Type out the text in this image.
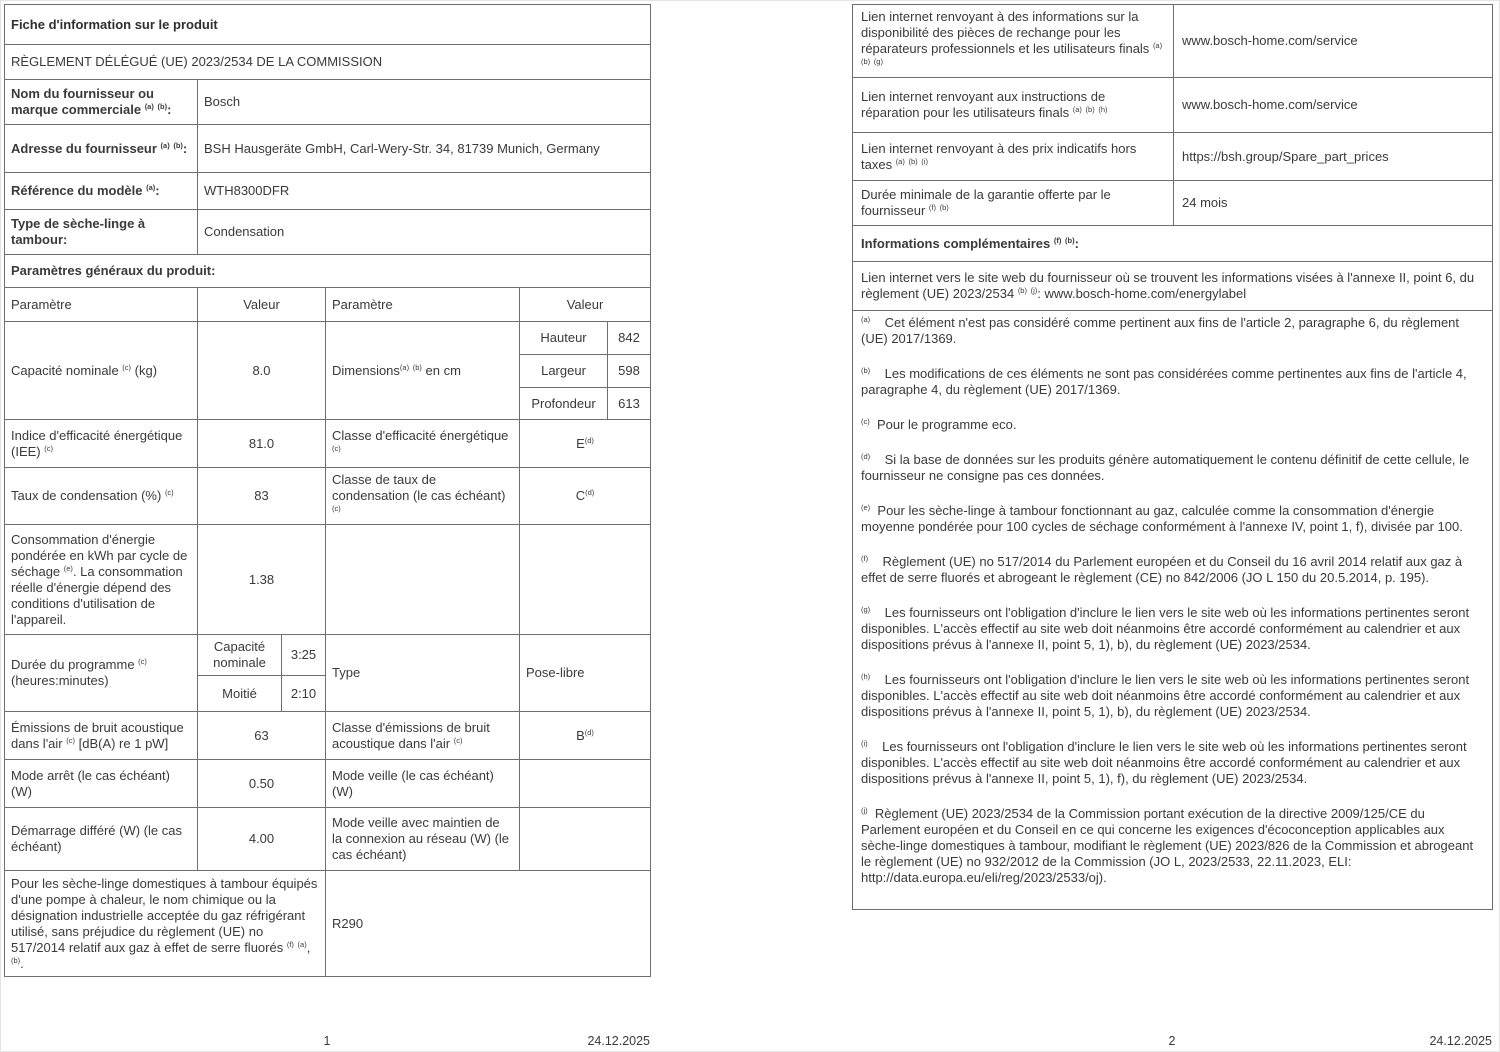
Fiche d'information sur le produit					
RÈGLEMENT DÉLÉGUÉ (UE) 2023/2534 DE LA COMMISSION					
Nom du fournisseur ou marque commerciale $^{(a)}$ $^{(b)}$:	Bosch				
Adresse du fournisseur $^{(a)}$ $^{(b)}$:	BSH Hausgeräte GmbH, Carl-Wery-Str. 34, 81739 Munich, Germany				
Référence du modèle $^{(a)}$:	WTH8300DFR				
Type de sèche-linge à tambour:	Condensation				
Paramètres généraux du produit:					
Paramètre	Valeur		Paramètre	Valeur	
Capacité nominale $^{(c)}$ (kg)	8.0		Dimensions$^{(a)}$ $^{(b)}$ en cm	Hauteur	842
				Largeur	598
				Profondeur	613
Indice d'efficacité énergétique (IEE) $^{(c)}$	81.0		Classe d'efficacité énergétique $^{(c)}$	$E^{(d)}$
Taux de condensation (%) $^{(c)}$	83		Classe de taux de condensation (le cas échéant) $^{(c)}$	$C^{(d)}$
Consommation d'énergie pondérée en kWh par cycle de séchage $^{(e)}$. La consommation réelle d'énergie dépend des conditions d'utilisation de l'appareil.	1.38				
Durée du programme $^{(c)}$ (heures:minutes)	Capacité nominale	3:25	Type	Pose-libre	
	Moitié	2:10			
Émissions de bruit acoustique dans l'air $^{(c)}$ [dB(A) re 1 pW]	63		Classe d'émissions de bruit acoustique dans l'air $^{(c)}$	$B^{(d)}$
Mode arrêt (le cas échéant) (W)	0.50		Mode veille (le cas échéant) (W)		
Démarrage différé (W) (le cas échéant)	4.00		Mode veille avec maintien de la connexion au réseau (W) (le cas échéant)		
Pour les sèche-linge domestiques à tambour équipés d'une pompe à chaleur, le nom chimique ou la désignation industrielle acceptée du gaz réfrigérant utilisé, sans préjudice du règlement (UE) no 517/2014 relatif aux gaz à effet de serre fluorés $^{(f)}$ $^{(a)}$, $^{(b)}$.			R290		
Lien internet renvoyant à des informations sur la disponibilité des pièces de rechange pour les réparateurs professionnels et les utilisateurs finals $^{(a)}$ $^{(b)}$ $^{(g)}$	www.bosch-home.com/service
Lien internet renvoyant aux instructions de réparation pour les utilisateurs finals $^{(a)}$ $^{(b)}$ $^{(h)}$	www.bosch-home.com/service
Lien internet renvoyant à des prix indicatifs hors taxes $^{(a)}$ $^{(b)}$ $^{(i)}$	https://bsh.group/Spare_part_prices
Durée minimale de la garantie offerte par le fournisseur $^{(f)}$ $^{(b)}$	24 mois
Informations complémentaires $^{(f)}$ $^{(b)}$:	
Lien internet vers le site web du fournisseur où se trouvent les informations visées à l'annexe II, point 6, du règlement (UE) 2023/2534 $^{(b)}$ $^{(j)}$: www.bosch-home.com/energylabel	

$^{(a)}$    Cet élément n'est pas considéré comme pertinent aux fins de l'article 2, paragraphe 6, du règlement (UE) 2017/1369.

$^{(b)}$    Les modifications de ces éléments ne sont pas considérées comme pertinentes aux fins de l'article 4, paragraphe 4, du règlement (UE) 2017/1369.

$^{(c)}$  Pour le programme eco.

$^{(d)}$    Si la base de données sur les produits génère automatiquement le contenu définitif de cette cellule, le fournisseur ne consigne pas ces données.

$^{(e)}$  Pour les sèche-linge à tambour fonctionnant au gaz, calculée comme la consommation d'énergie moyenne pondérée pour 100 cycles de séchage conformément à l'annexe IV, point 1, f), divisée par 100.

$^{(f)}$    Règlement (UE) no 517/2014 du Parlement européen et du Conseil du 16 avril 2014 relatif aux gaz à effet de serre fluorés et abrogeant le règlement (CE) no 842/2006 (JO L 150 du 20.5.2014, p. 195).

$^{(g)}$    Les fournisseurs ont l'obligation d'inclure le lien vers le site web où les informations pertinentes seront disponibles. L'accès effectif au site web doit néanmoins être accordé conformément au calendrier et aux dispositions prévus à l'annexe II, point 5, 1), b), du règlement (UE) 2023/2534.

$^{(h)}$    Les fournisseurs ont l'obligation d'inclure le lien vers le site web où les informations pertinentes seront disponibles. L'accès effectif au site web doit néanmoins être accordé conformément au calendrier et aux dispositions prévus à l'annexe II, point 5, 1), b), du règlement (UE) 2023/2534.

$^{(i)}$    Les fournisseurs ont l'obligation d'inclure le lien vers le site web où les informations pertinentes seront disponibles. L'accès effectif au site web doit néanmoins être accordé conformément au calendrier et aux dispositions prévus à l'annexe II, point 5, 1), f), du règlement (UE) 2023/2534.

$^{(j)}$  Règlement (UE) 2023/2534 de la Commission portant exécution de la directive 2009/125/CE du Parlement européen et du Conseil en ce qui concerne les exigences d'écoconception applicables aux sèche-linge domestiques à tambour, modifiant le règlement (UE) 2023/826 de la Commission et abrogeant le règlement (UE) no 932/2012 de la Commission (JO L, 2023/2533, 22.11.2023, ELI: http://data.europa.eu/eli/reg/2023/2533/oj).

1	24.12.2025	2	24.12.2025
